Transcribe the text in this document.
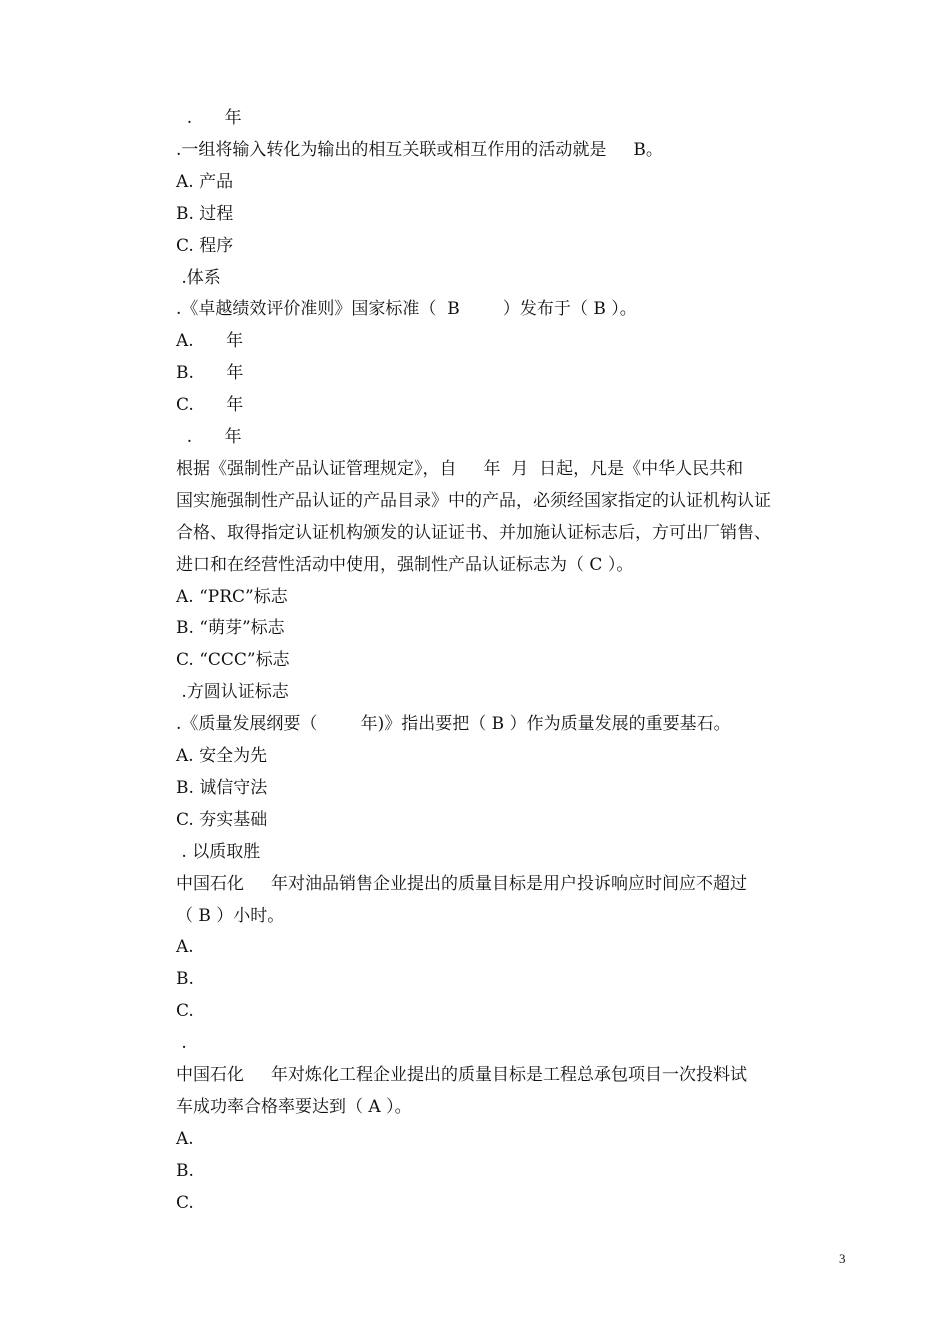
.      年
.一组将输入转化为输出的相互关联或相互作用的活动就是     B。
A. 产品
B. 过程
C. 程序
.体系
.《卓越绩效评价准则》国家标准（  B        ）发布于（ B ）。
A.      年
B.      年
C.      年
.      年
根据《强制性产品认证管理规定》，自     年  月  日起，凡是《中华人民共和
国实施强制性产品认证的产品目录》中的产品，必须经国家指定的认证机构认证
合格、取得指定认证机构颁发的认证证书、并加施认证标志后，方可出厂销售、
进口和在经营性活动中使用，强制性产品认证标志为（ C ）。
A. “PRC”标志
B. “萌芽”标志
C. “CCC”标志
.方圆认证标志
.《质量发展纲要（        年)》指出要把（ B ）作为质量发展的重要基石。
A. 安全为先
B. 诚信守法
C. 夯实基础
. 以质取胜
中国石化     年对油品销售企业提出的质量目标是用户投诉响应时间应不超过
（ B ）小时。
A.
B.
C.
.
中国石化     年对炼化工程企业提出的质量目标是工程总承包项目一次投料试
车成功率合格率要达到（ A ）。
A.
B.
C.
3
